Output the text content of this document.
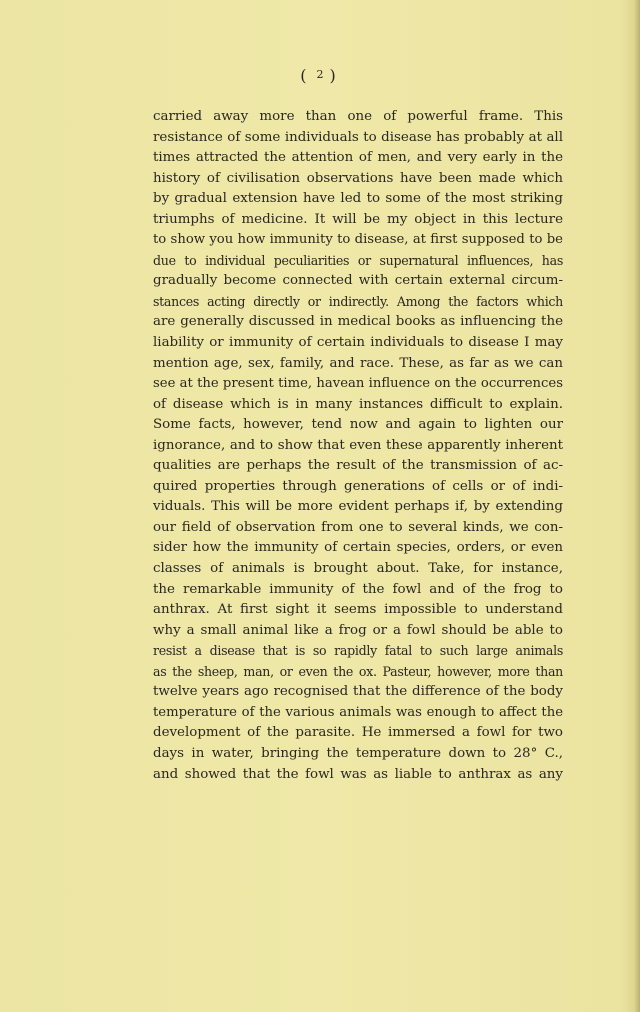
( 2 )
carried away more than one of powerful frame. This
resistance of some individuals to disease has probably at all
times attracted the attention of men, and very early in the
history of civilisation observations have been made which
by gradual extension have led to some of the most striking
triumphs of medicine. It will be my object in this lecture
to show you how immunity to disease, at first supposed to be
due to individual peculiarities or supernatural influences, has
gradually become connected with certain external circum-
stances acting directly or indirectly. Among the factors which
are generally discussed in medical books as influencing the
liability or immunity of certain individuals to disease I may
mention age, sex, family, and race. These, as far as we can
see at the present time, havean influence on the occurrences
of disease which is in many instances difficult to explain.
Some facts, however, tend now and again to lighten our
ignorance, and to show that even these apparently inherent
qualities are perhaps the result of the transmission of ac-
quired properties through generations of cells or of indi-
viduals. This will be more evident perhaps if, by extending
our field of observation from one to several kinds, we con-
sider how the immunity of certain species, orders, or even
classes of animals is brought about. Take, for instance,
the remarkable immunity of the fowl and of the frog to
anthrax. At first sight it seems impossible to understand
why a small animal like a frog or a fowl should be able to
resist a disease that is so rapidly fatal to such large animals
as the sheep, man, or even the ox. Pasteur, however, more than
twelve years ago recognised that the difference of the body
temperature of the various animals was enough to affect the
development of the parasite. He immersed a fowl for two
days in water, bringing the temperature down to 28° C.,
and showed that the fowl was as liable to anthrax as any
